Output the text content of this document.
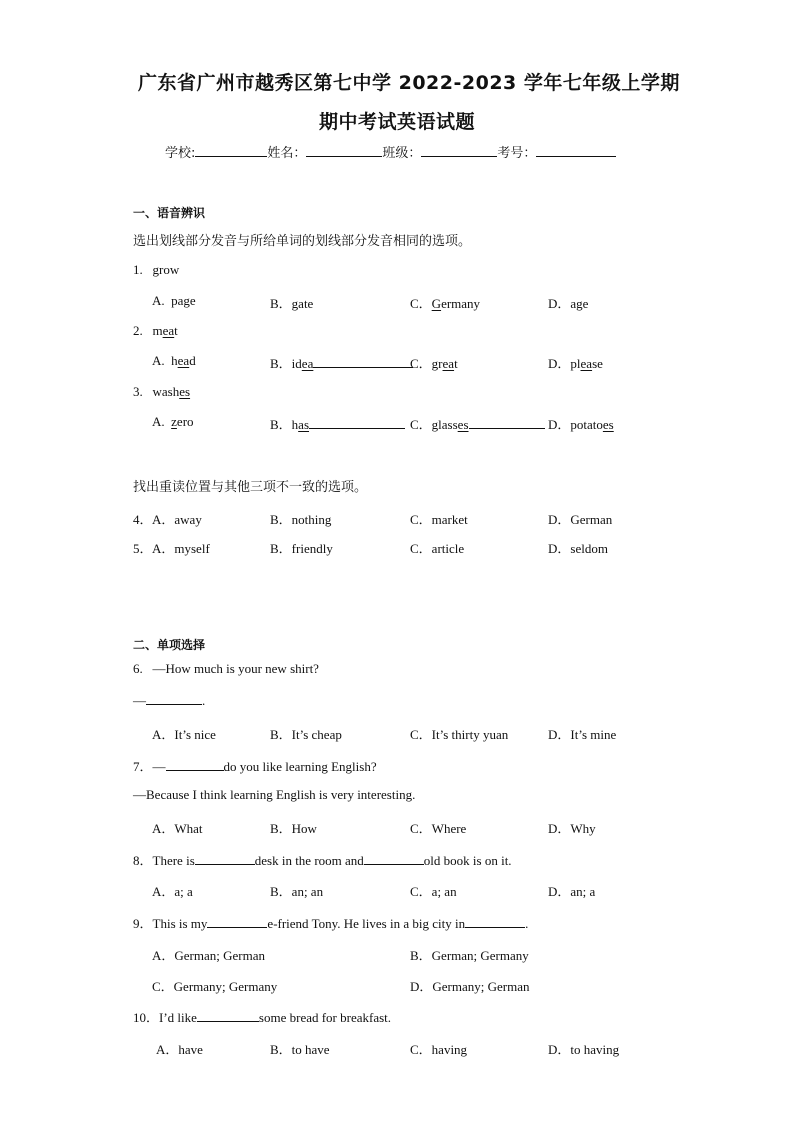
广东省广州市越秀区第七中学 2022-2023 学年七年级上学期
期中考试英语试题
学校:	姓名：	班级：	考号：
一、语音辨识
选出划线部分发音与所给单词的划线部分发音相同的选项。
1. grow
A. page	B．gate	C．Germany	D．age
2. meat
A. head	B．idea	C．great	D．please
3. washes
A. zero	B．has	C．glasses	D．potatoes
找出重读位置与其他三项不一致的选项。
4． A．away	B．nothing	C．market	D．German
5． A．myself	B．friendly	C．article	D．seldom
二、单项选择
6. —How much is your new shirt?
—	.
A．It’s nice	B．It’s cheap	C．It’s thirty yuan	D．It’s mine
7．—	do you like learning English?
—Because I think learning English is very interesting.
A．What	B．How	C．Where	D．Why
8．There is	desk in the room and	old book is on it.
A．a; a	B．an; an	C．a; an	D．an; a
9．This is my	e-friend Tony. He lives in a big city in	.
A．German; German	B．German; Germany
C．Germany; Germany	D．Germany; German
10．I’d like	some bread for breakfast.
A．have	B．to have	C．having	D．to having
